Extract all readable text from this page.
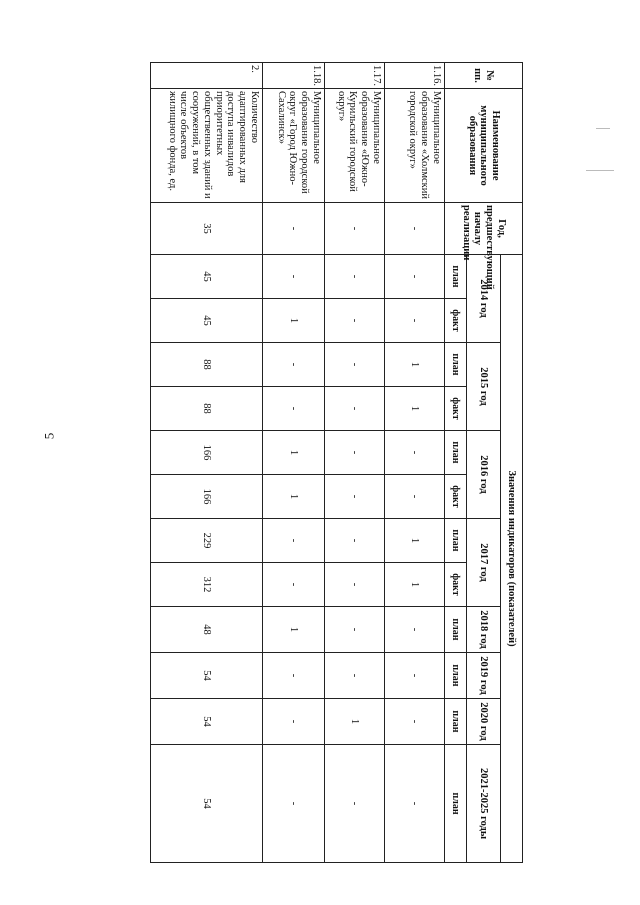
5
№ пп.	Наименование муниципального образования	Год, предшествующий началу реализации	Значения индикаторов (показателей)											
			2014 год		2015 год		2016 год		2017 год		2018 год	2019 год	2020 год	2021-2025 годы
			план	факт	план	факт	план	факт	план	факт	план	план	план	план
1.16.	Муниципальное образование «Холмский городской округ»	-	-	-	1	1	-	-	1	1	-	-	-	-
1.17.	Муниципальное образование «Южно-Курильский городской округ»	-	-	-	-	-	-	-	-	-	-	-	1	-
1.18.	Муниципальное образование городской округ «Город Южно-Сахалинск»	-	-	1	-	-	1	1	-	-	1	-	-	-
2.	Количество адаптированных для доступа инвалидов приоритетных общественных зданий и сооружений, в том числе объектов жилищного фонда, ед.	35	45	45	88	88	166	166	229	312	48	54	54	54
